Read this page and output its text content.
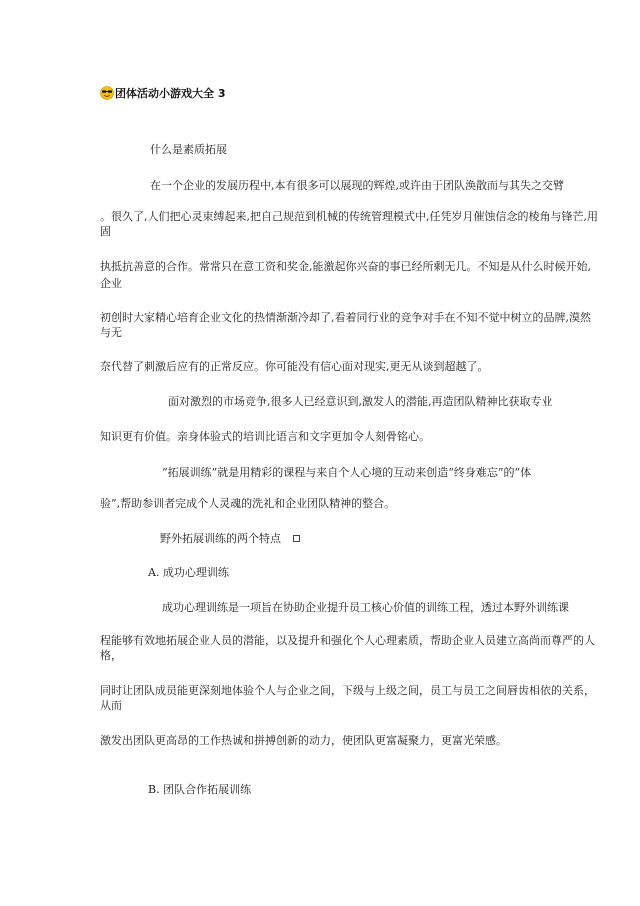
团体活动小游戏大全 3
什么是素质拓展
在一个企业的发展历程中,本有很多可以展现的辉煌,或许由于团队涣散而与其失之交臂
。很久了,人们把心灵束缚起来,把自己规范到机械的传统管理模式中,任凭岁月催蚀信念的棱角与锋芒,用
固
执抵抗善意的合作。常常只在意工资和奖金,能激起你兴奋的事已经所剩无几。不知是从什么时候开始,
企业
初创时大家精心培育企业文化的热情渐渐冷却了,看着同行业的竞争对手在不知不觉中树立的品牌,漠然
与无
奈代替了刺激后应有的正常反应。你可能没有信心面对现实,更无从谈到超越了。
面对激烈的市场竞争,很多人已经意识到,激发人的潜能,再造团队精神比获取专业
知识更有价值。亲身体验式的培训比语言和文字更加令人刻骨铭心。
“拓展训练”就是用精彩的课程与来自个人心境的互动来创造“终身难忘”的“体
验”,帮助参训者完成个人灵魂的洗礼和企业团队精神的整合。
野外拓展训练的两个特点
A. 成功心理训练
成功心理训练是一项旨在协助企业提升员工核心价值的训练工程，透过本野外训练课
程能够有效地拓展企业人员的潜能，以及提升和强化个人心理素质，帮助企业人员建立高尚而尊严的人
格，
同时让团队成员能更深刻地体验个人与企业之间，下级与上级之间，员工与员工之间唇齿相依的关系，
从而
激发出团队更高昂的工作热诚和拼搏创新的动力，使团队更富凝聚力，更富光荣感。
B. 团队合作拓展训练
